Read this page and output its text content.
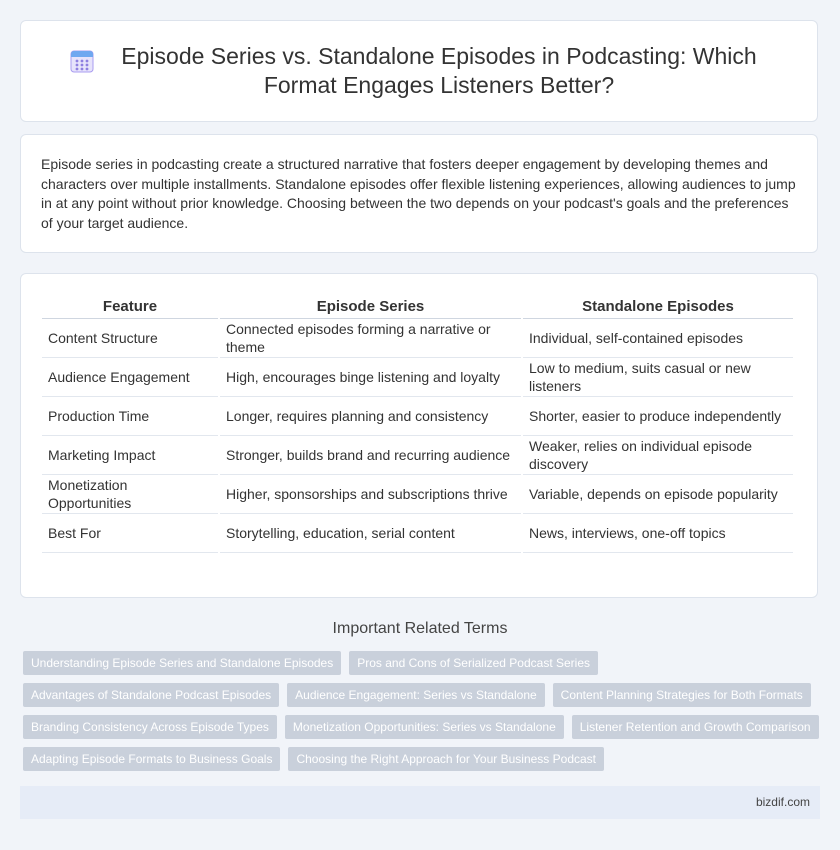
Episode Series vs. Standalone Episodes in Podcasting: Which Format Engages Listeners Better?

Episode series in podcasting create a structured narrative that fosters deeper engagement by developing themes and characters over multiple installments. Standalone episodes offer flexible listening experiences, allowing audiences to jump in at any point without prior knowledge. Choosing between the two depends on your podcast's goals and the preferences of your target audience.

Feature	Episode Series	Standalone Episodes
Content Structure	Connected episodes forming a narrative or theme	Individual, self-contained episodes
Audience Engagement	High, encourages binge listening and loyalty	Low to medium, suits casual or new listeners
Production Time	Longer, requires planning and consistency	Shorter, easier to produce independently
Marketing Impact	Stronger, builds brand and recurring audience	Weaker, relies on individual episode discovery
Monetization Opportunities	Higher, sponsorships and subscriptions thrive	Variable, depends on episode popularity
Best For	Storytelling, education, serial content	News, interviews, one-off topics
Important Related Terms
Understanding Episode Series and Standalone Episodes	Pros and Cons of Serialized Podcast Series
Advantages of Standalone Podcast Episodes	Audience Engagement: Series vs Standalone	Content Planning Strategies for Both Formats
Branding Consistency Across Episode Types	Monetization Opportunities: Series vs Standalone	Listener Retention and Growth Comparison
Adapting Episode Formats to Business Goals	Choosing the Right Approach for Your Business Podcast
bizdif.com
